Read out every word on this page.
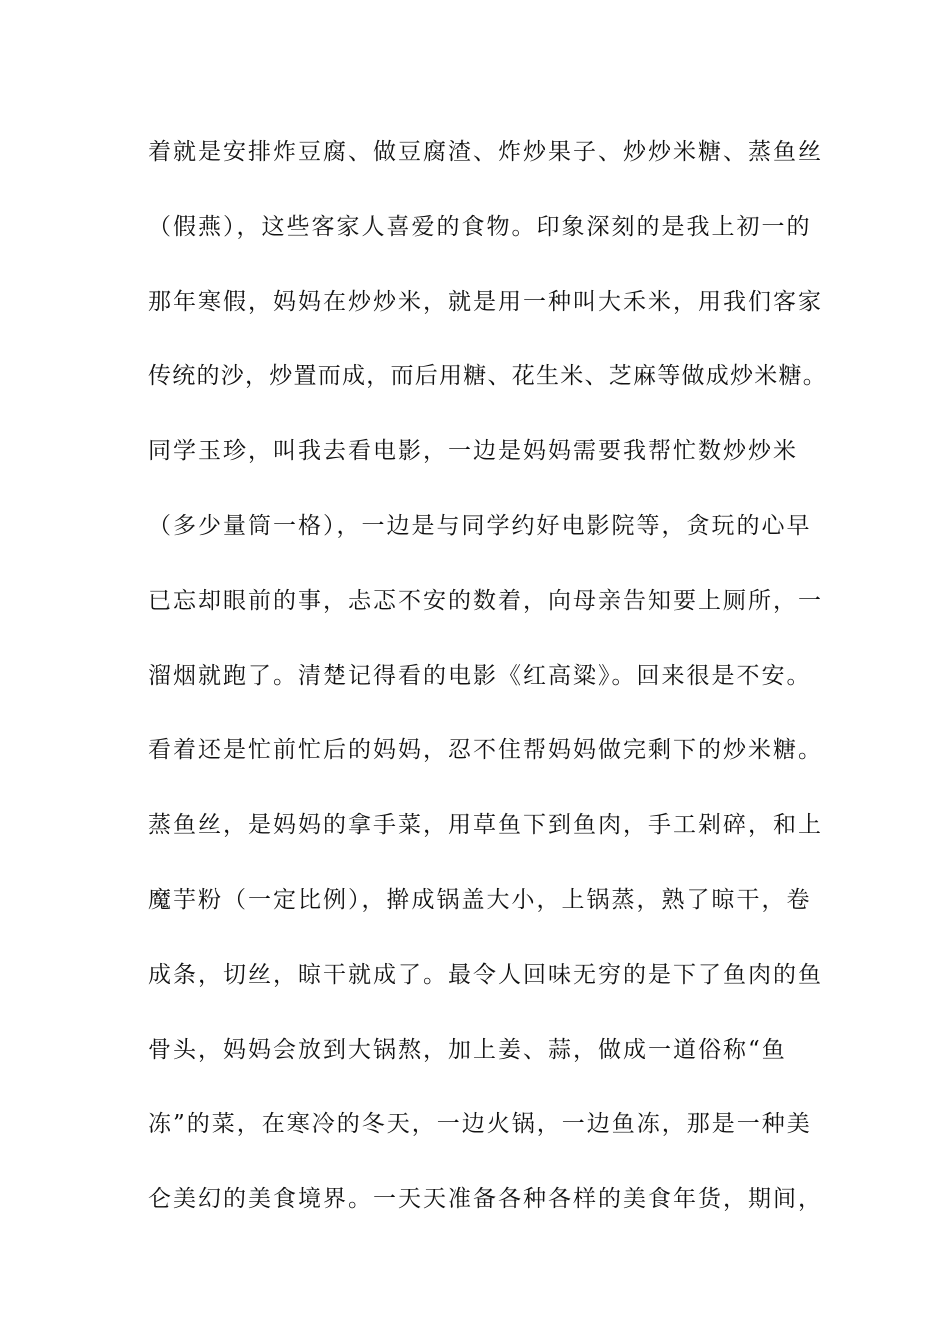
着就是安排炸豆腐、做豆腐渣、炸炒果子、炒炒米糖、蒸鱼丝
（假燕），这些客家人喜爱的食物。印象深刻的是我上初一的
那年寒假，妈妈在炒炒米，就是用一种叫大禾米，用我们客家
传统的沙，炒置而成，而后用糖、花生米、芝麻等做成炒米糖。
同学玉珍，叫我去看电影，一边是妈妈需要我帮忙数炒炒米
（多少量筒一格），一边是与同学约好电影院等，贪玩的心早
已忘却眼前的事，忐忑不安的数着，向母亲告知要上厕所，一
溜烟就跑了。清楚记得看的电影《红高粱》。回来很是不安。
看着还是忙前忙后的妈妈，忍不住帮妈妈做完剩下的炒米糖。
蒸鱼丝，是妈妈的拿手菜，用草鱼下到鱼肉，手工剁碎，和上
魔芋粉（一定比例），擀成锅盖大小，上锅蒸，熟了晾干，卷
成条，切丝，晾干就成了。最令人回味无穷的是下了鱼肉的鱼
骨头，妈妈会放到大锅熬，加上姜、蒜，做成一道俗称“鱼
冻”的菜，在寒冷的冬天，一边火锅，一边鱼冻，那是一种美
仑美幻的美食境界。一天天准备各种各样的美食年货，期间，
